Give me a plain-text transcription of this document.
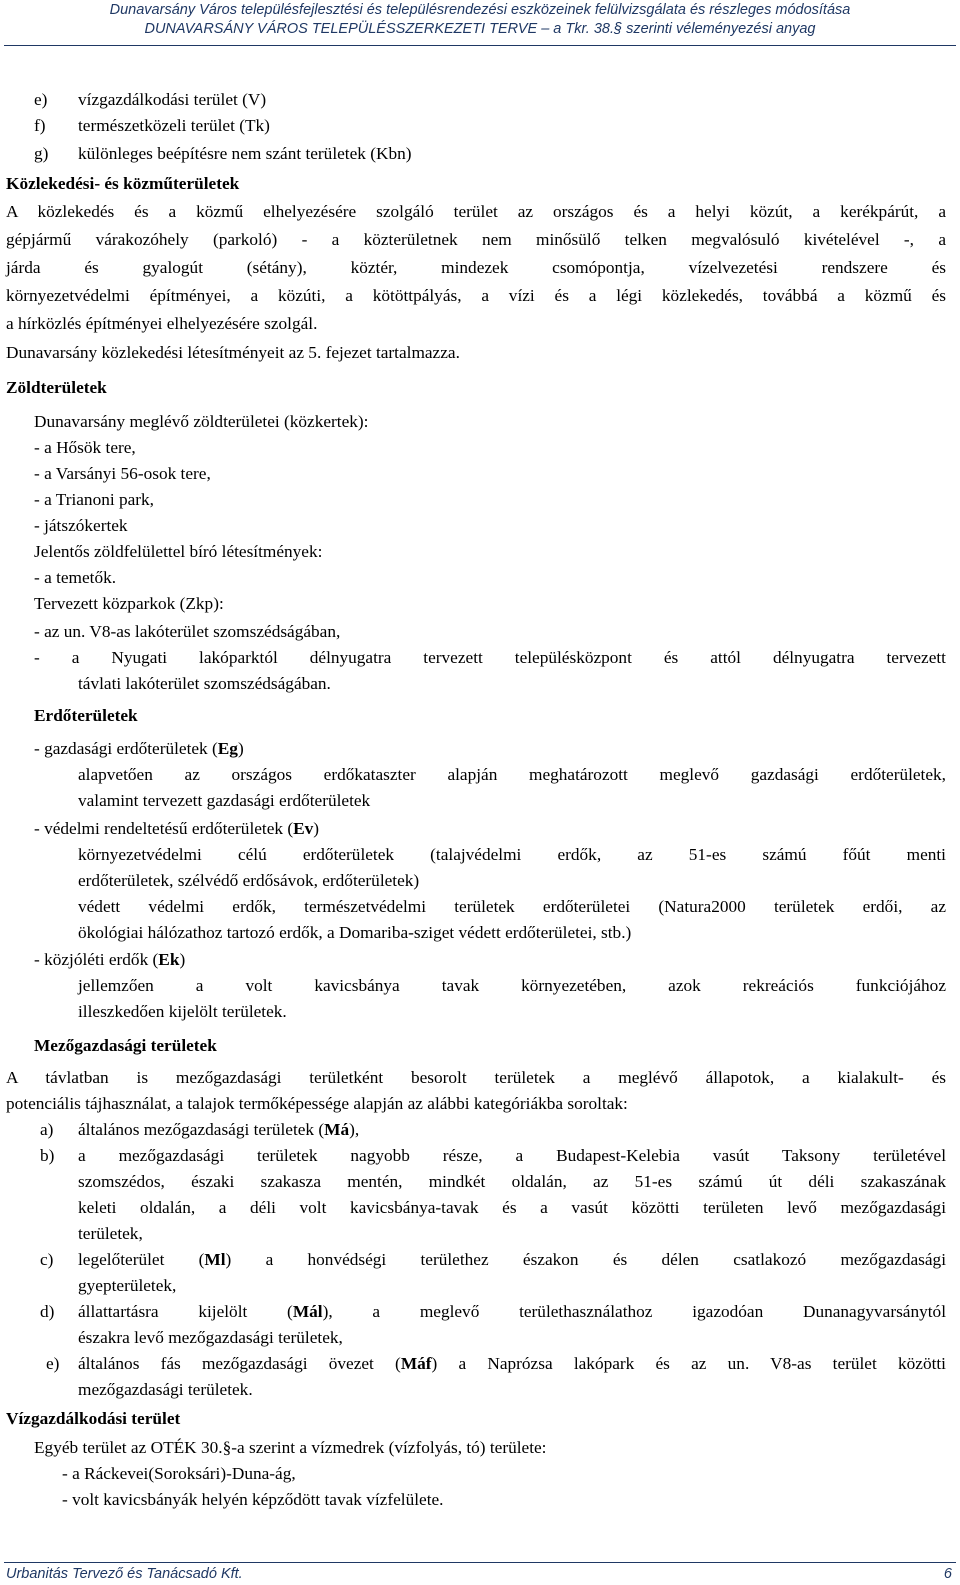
Dunavarsány Város településfejlesztési és településrendezési eszközeinek felülvizsgálata és részleges módosítása
DUNAVARSÁNY VÁROS TELEPÜLÉSSZERKEZETI TERVE – a Tkr. 38.§ szerinti véleményezési anyag
e) vízgazdálkodási terület (V)
f) természetközeli terület (Tk)
g) különleges beépítésre nem szánt területek (Kbn)
Közlekedési- és közműterületek
A közlekedés és a közmű elhelyezésére szolgáló terület az országos és a helyi közút, a kerékpárút, a
gépjármű várakozóhely (parkoló) - a közterületnek nem minősülő telken megvalósuló kivételével -, a
járda és gyalogút (sétány), köztér, mindezek csomópontja, vízelvezetési rendszere és
környezetvédelmi építményei, a közúti, a kötöttpályás, a vízi és a légi közlekedés, továbbá a közmű és
a hírközlés építményei elhelyezésére szolgál.
Dunavarsány közlekedési létesítményeit az 5. fejezet tartalmazza.
Zöldterületek
Dunavarsány meglévő zöldterületei (közkertek):
- a Hősök tere,
- a Varsányi 56-osok tere,
- a Trianoni park,
- játszókertek
Jelentős zöldfelülettel bíró létesítmények:
- a temetők.
Tervezett közparkok (Zkp):
- az un. V8-as lakóterület szomszédságában,
- a Nyugati lakóparktól délnyugatra tervezett településközpont és attól délnyugatra tervezett
távlati lakóterület szomszédságában.
Erdőterületek
- gazdasági erdőterületek (Eg)
alapvetően az országos erdőkataszter alapján meghatározott meglevő gazdasági erdőterületek,
valamint tervezett gazdasági erdőterületek
- védelmi rendeltetésű erdőterületek (Ev)
környezetvédelmi célú erdőterületek (talajvédelmi erdők, az 51-es számú főút menti
erdőterületek, szélvédő erdősávok, erdőterületek)
védett védelmi erdők, természetvédelmi területek erdőterületei (Natura2000 területek erdői, az
ökológiai hálózathoz tartozó erdők, a Domariba-sziget védett erdőterületei, stb.)
- közjóléti erdők (Ek)
jellemzően a volt kavicsbánya tavak környezetében, azok rekreációs funkciójához
illeszkedően kijelölt területek.
Mezőgazdasági területek
A távlatban is mezőgazdasági területként besorolt területek a meglévő állapotok, a kialakult- és
potenciális tájhasználat, a talajok termőképessége alapján az alábbi kategóriákba soroltak:
a) általános mezőgazdasági területek (Má),
b) a mezőgazdasági területek nagyobb része, a Budapest-Kelebia vasút Taksony területével
szomszédos, északi szakasza mentén, mindkét oldalán, az 51-es számú út déli szakaszának
keleti oldalán, a déli volt kavicsbánya-tavak és a vasút közötti területen levő mezőgazdasági
területek,
c) legelőterület (Ml) a honvédségi területhez északon és délen csatlakozó mezőgazdasági
gyepterületek,
d) állattartásra kijelölt (Mál), a meglevő területhasználathoz igazodóan Dunanagyvarsánytól
északra levő mezőgazdasági területek,
e) általános fás mezőgazdasági övezet (Máf) a Naprózsa lakópark és az un. V8-as terület közötti
mezőgazdasági területek.
Vízgazdálkodási terület
Egyéb terület az OTÉK 30.§-a szerint a vízmedrek (vízfolyás, tó) területe:
- a Ráckevei(Soroksári)-Duna-ág,
- volt kavicsbányák helyén képződött tavak vízfelülete.
Urbanitás Tervező és Tanácsadó Kft.	6
